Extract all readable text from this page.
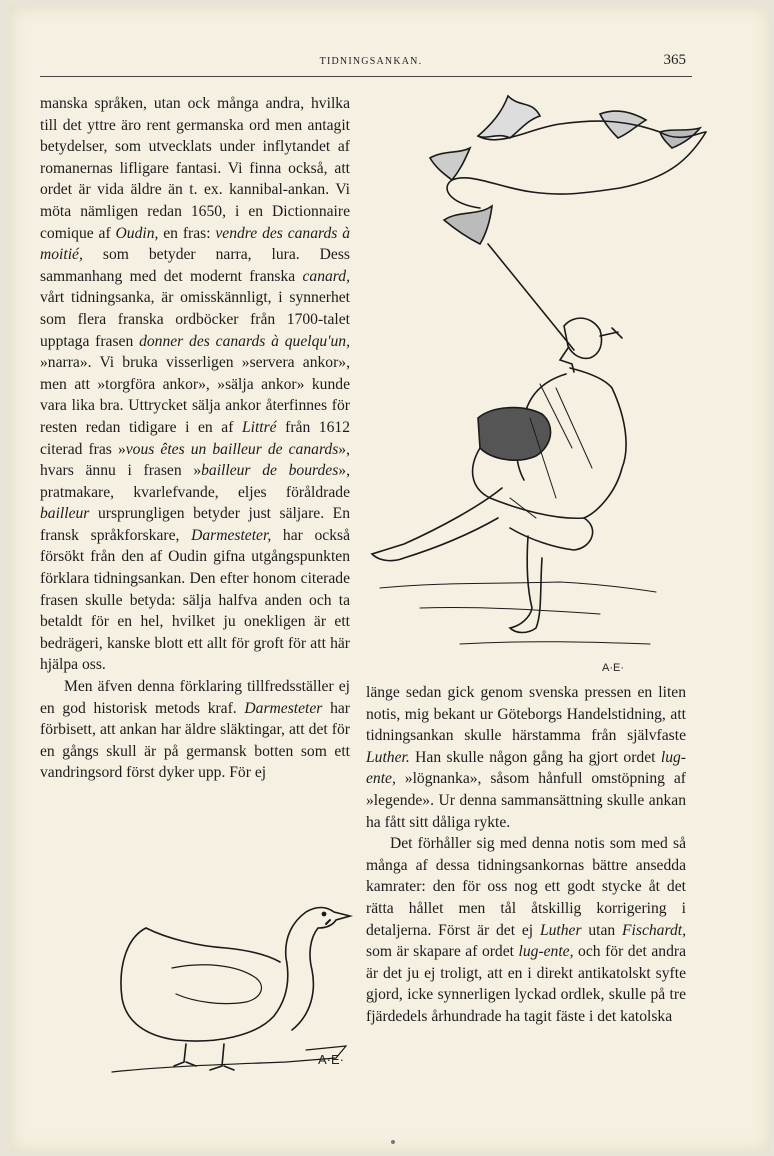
TIDNINGSANKAN.	365

manska språken, utan ock många andra, hvilka till det yttre äro rent germanska ord men antagit betydelser, som utvecklats under inflytandet af romanernas lifligare fantasi. Vi finna också, att ordet är vida äldre än t. ex. kannibal-ankan. Vi möta nämligen redan 1650, i en Dictionnaire comique af Oudin, en fras: vendre des canards à moitié, som betyder narra, lura. Dess sammanhang med det modernt franska canard, vårt tidningsanka, är omisskännligt, i synnerhet som flera franska ordböcker från 1700-talet upptaga frasen donner des canards à quelqu'un, »narra». Vi bruka visserligen »servera ankor», men att »torgföra ankor», »sälja ankor» kunde vara lika bra. Uttrycket sälja ankor återfinnes för resten redan tidigare i en af Littré från 1612 citerad fras »vous êtes un bailleur de canards», hvars ännu i frasen »bailleur de bourdes», pratmakare, kvarlefvande, eljes föråldrade bailleur ursprungligen betyder just säljare. En fransk språkforskare, Darmesteter, har också försökt från den af Oudin gifna utgångspunkten förklara tidningsankan. Den efter honom citerade frasen skulle betyda: sälja halfva anden och ta betaldt för en hel, hvilket ju onekligen är ett bedrägeri, kanske blott ett allt för groft för att här hjälpa oss.

Men äfven denna förklaring tillfredsställer ej en god historisk metods kraf. Darmesteter har förbisett, att ankan har äldre släktingar, att det för en gångs skull är på germansk botten som ett vandringsord först dyker upp. För ej

A·E·

länge sedan gick genom svenska pressen en liten notis, mig bekant ur Göteborgs Handelstidning, att tidningsankan skulle härstamma från självfaste Luther. Han skulle någon gång ha gjort ordet lug-ente, »lögnanka», såsom hånfull omstöpning af »legende». Ur denna sammansättning skulle ankan ha fått sitt dåliga rykte.

Det förhåller sig med denna notis som med så många af dessa tidningsankornas bättre ansedda kamrater: den för oss nog ett godt stycke åt det rätta hållet men tål åtskillig korrigering i detaljerna. Först är det ej Luther utan Fischardt, som är skapare af ordet lug-ente, och för det andra är det ju ej troligt, att en i direkt antikatolskt syfte gjord, icke synnerligen lyckad ordlek, skulle på tre fjärdedels århundrade ha tagit fäste i det katolska

A·E·
